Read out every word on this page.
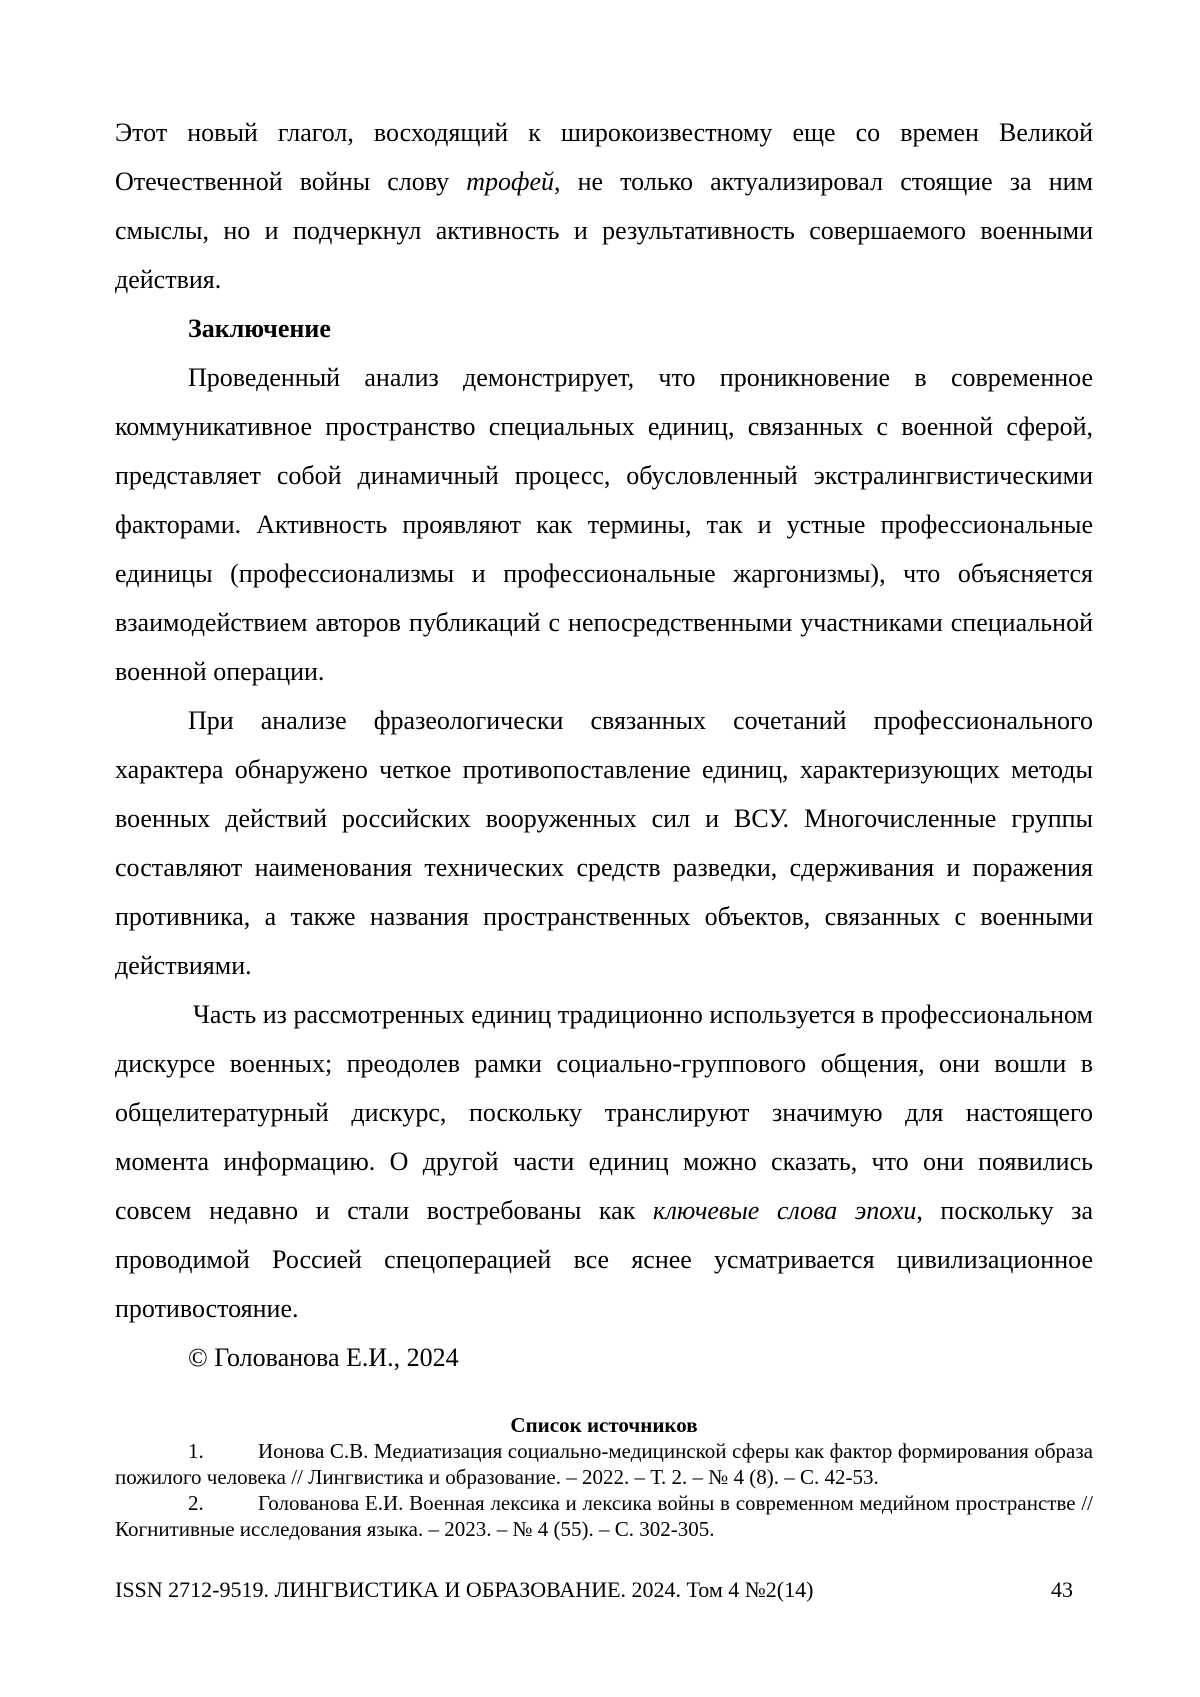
Этот новый глагол, восходящий к широкоизвестному еще со времен Великой Отечественной войны слову трофей, не только актуализировал стоящие за ним смыслы, но и подчеркнул активность и результативность совершаемого военными действия.

Заключение

Проведенный анализ демонстрирует, что проникновение в современное коммуникативное пространство специальных единиц, связанных с военной сферой, представляет собой динамичный процесс, обусловленный экстралингвистическими факторами. Активность проявляют как термины, так и устные профессиональные единицы (профессионализмы и профессиональные жаргонизмы), что объясняется взаимодействием авторов публикаций с непосредственными участниками специальной военной операции.

При анализе фразеологически связанных сочетаний профессионального характера обнаружено четкое противопоставление единиц, характеризующих методы военных действий российских вооруженных сил и ВСУ. Многочисленные группы составляют наименования технических средств разведки, сдерживания и поражения противника, а также названия пространственных объектов, связанных с военными действиями.

Часть из рассмотренных единиц традиционно используется в профессиональном дискурсе военных; преодолев рамки социально-группового общения, они вошли в общелитературный дискурс, поскольку транслируют значимую для настоящего момента информацию. О другой части единиц можно сказать, что они появились совсем недавно и стали востребованы как ключевые слова эпохи, поскольку за проводимой Россией спецоперацией все яснее усматривается цивилизационное противостояние.

© Голованова Е.И., 2024

Список источников

1.	Ионова С.В. Медиатизация социально-медицинской сферы как фактор формирования образа пожилого человека // Лингвистика и образование. – 2022. – Т. 2. – № 4 (8). – С. 42-53.

2.	Голованова Е.И. Военная лексика и лексика войны в современном медийном пространстве // Когнитивные исследования языка. – 2023. – № 4 (55). – С. 302-305.

ISSN 2712-9519. ЛИНГВИСТИКА И ОБРАЗОВАНИЕ. 2024. Том 4 №2(14)	43
